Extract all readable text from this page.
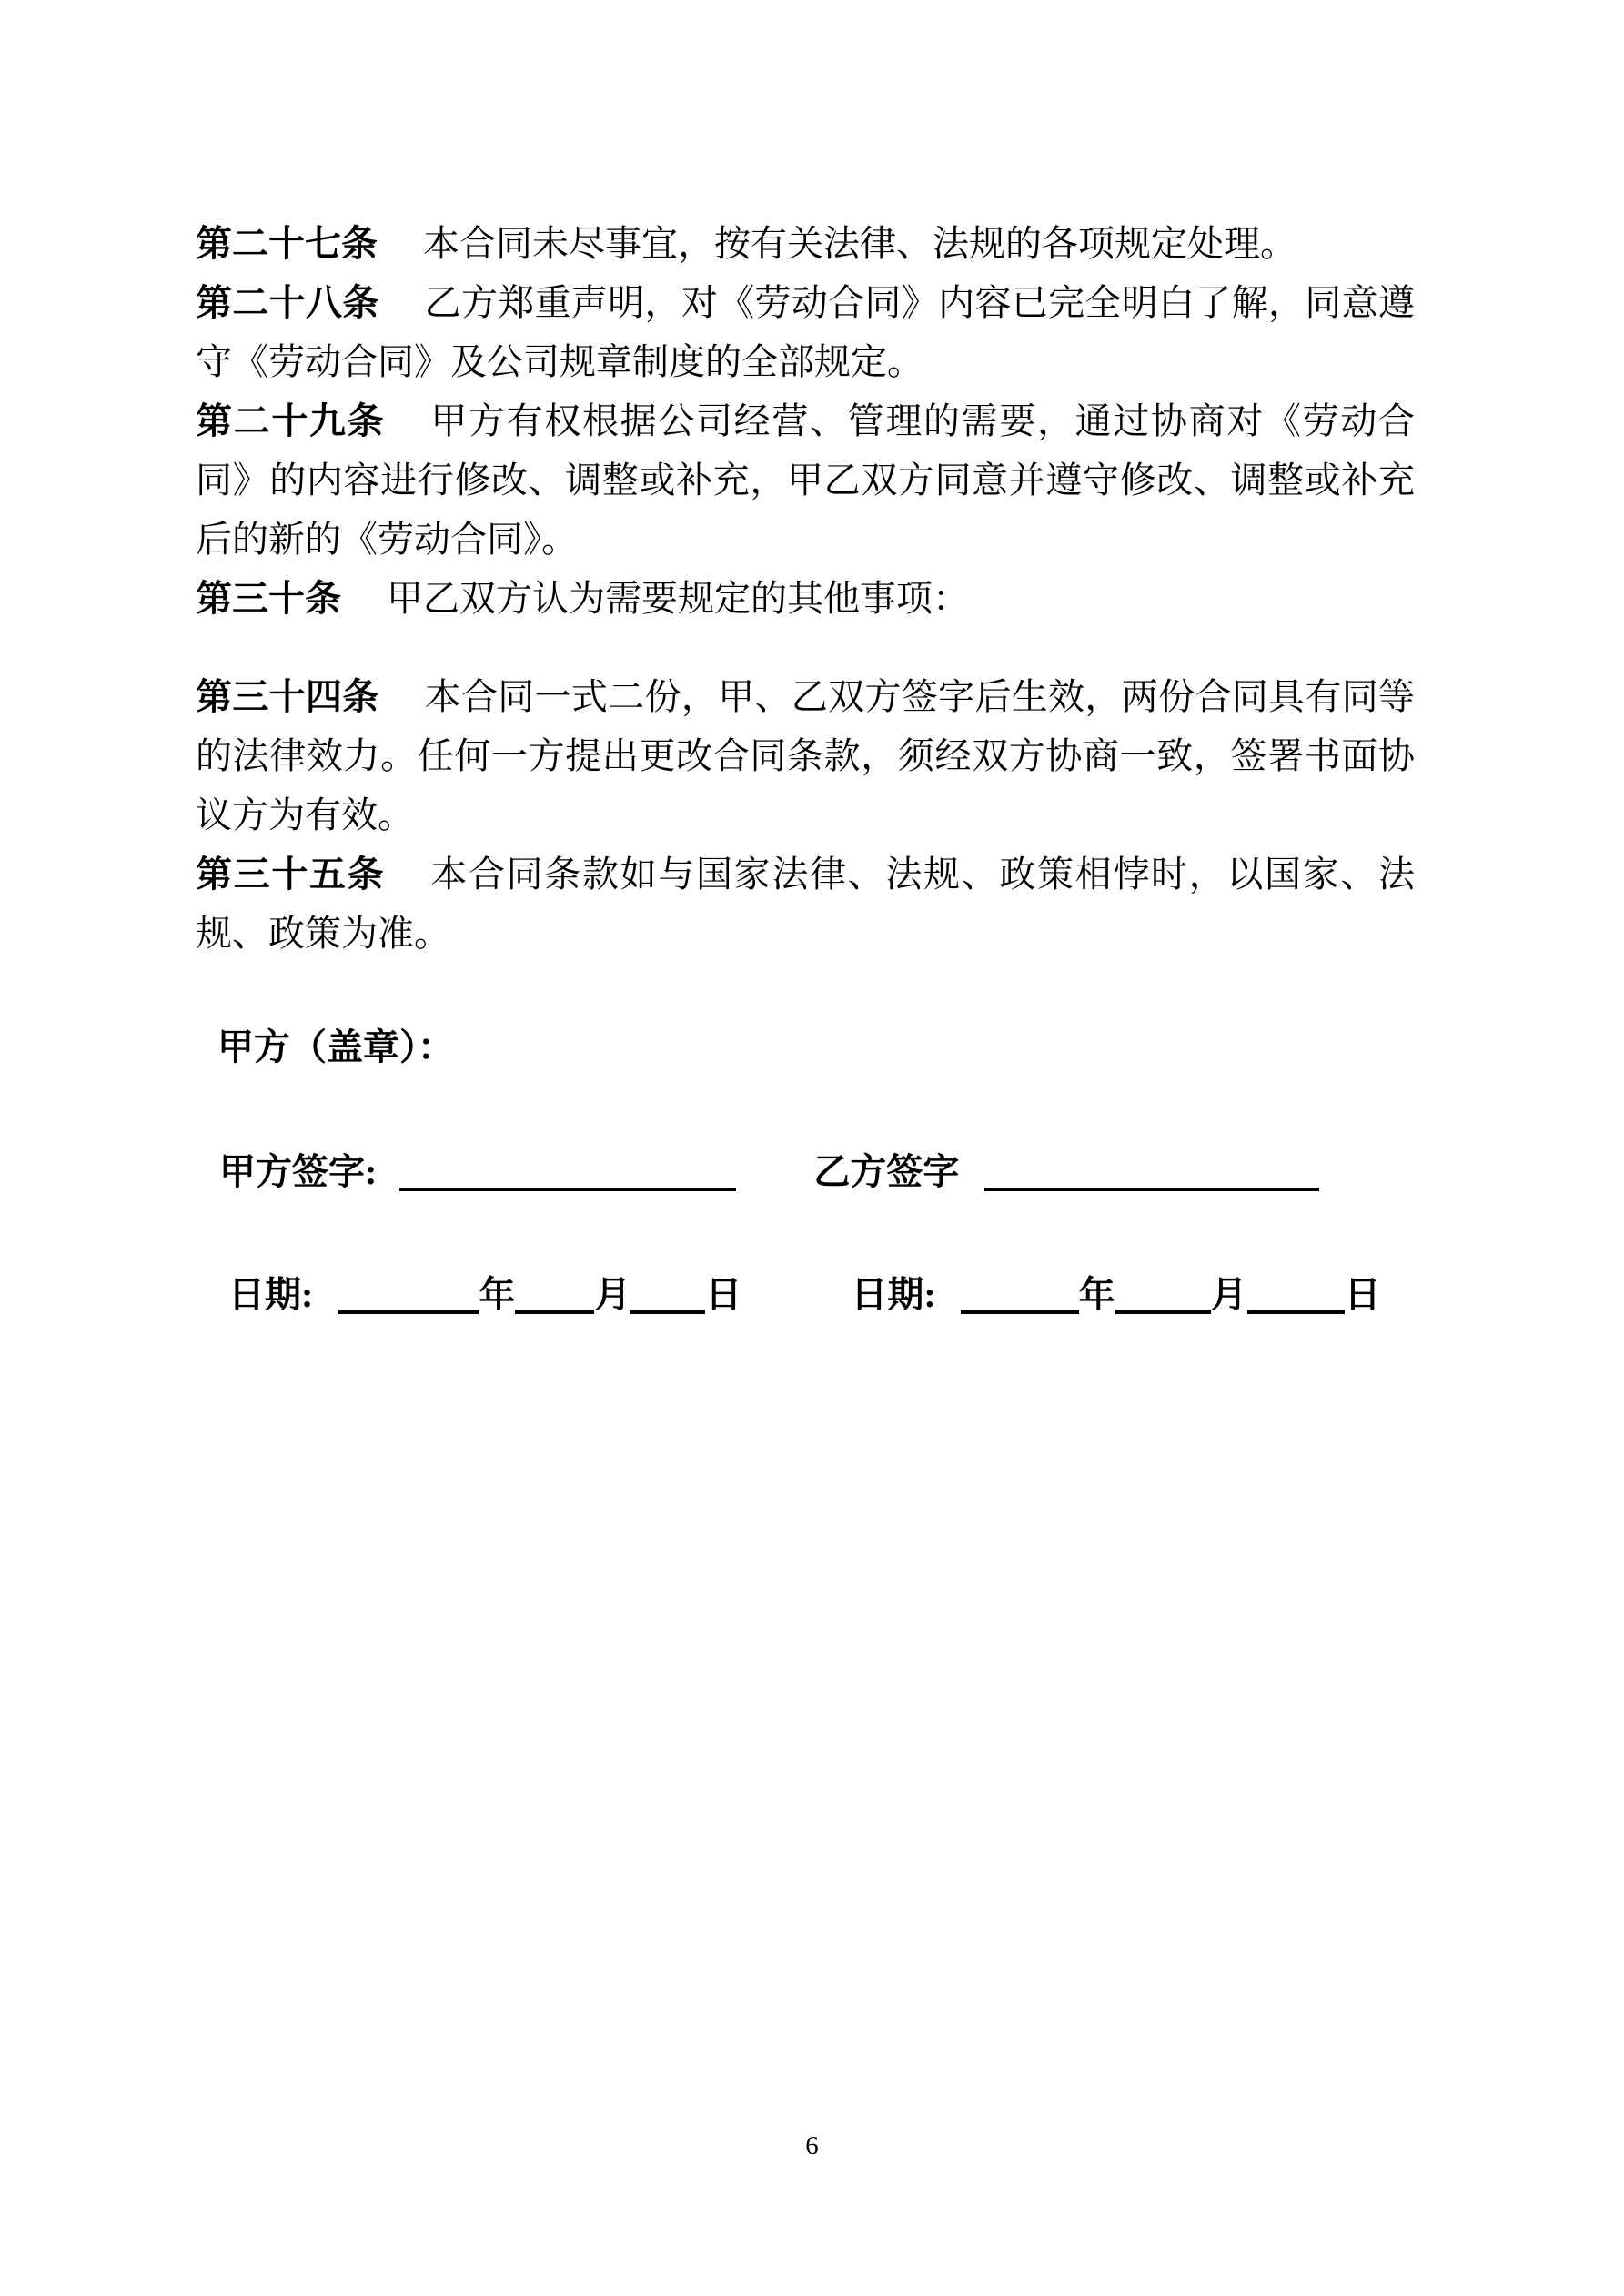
第二十七条 本合同未尽事宜，按有关法律、法规的各项规定处理。

第二十八条 乙方郑重声明，对《劳动合同》内容已完全明白了解，同意遵守《劳动合同》及公司规章制度的全部规定。

第二十九条 甲方有权根据公司经营、管理的需要，通过协商对《劳动合同》的内容进行修改、调整或补充，甲乙双方同意并遵守修改、调整或补充后的新的《劳动合同》。

第三十条 甲乙双方认为需要规定的其他事项：

第三十四条 本合同一式二份，甲、乙双方签字后生效，两份合同具有同等的法律效力。任何一方提出更改合同条款，须经双方协商一致，签署书面协议方为有效。

第三十五条 本合同条款如与国家法律、法规、政策相悖时，以国家、法规、政策为准。

甲方（盖章）：

甲方签字:	乙方签字

日期:	年 月 日	日期:	年	月	日

6
